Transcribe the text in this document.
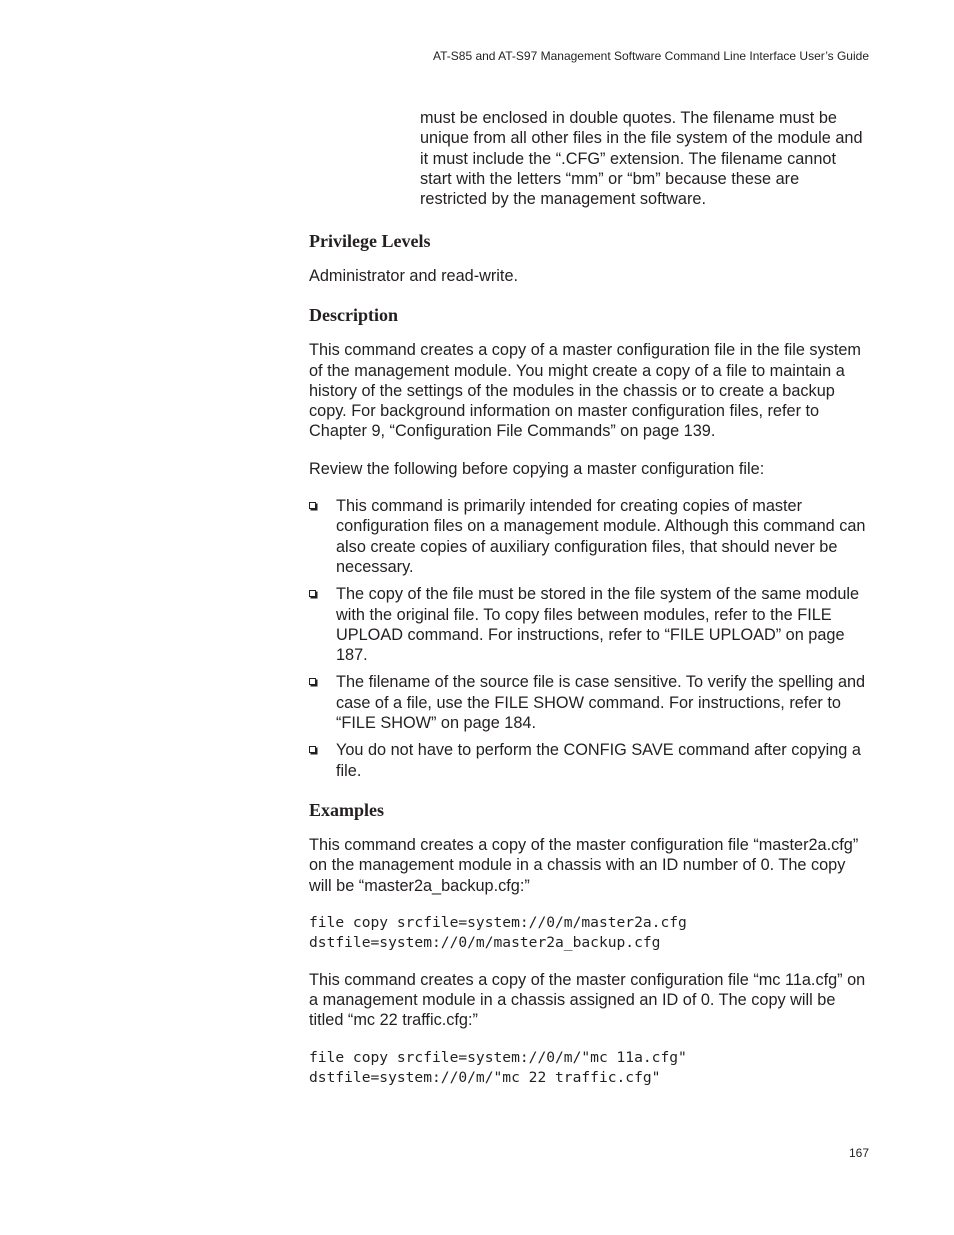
AT-S85 and AT-S97 Management Software Command Line Interface User’s Guide
must be enclosed in double quotes. The filename must be unique from all other files in the file system of the module and it must include the “.CFG” extension. The filename cannot start with the letters “mm” or “bm” because these are restricted by the management software.
Privilege Levels
Administrator and read-write.
Description
This command creates a copy of a master configuration file in the file system of the management module. You might create a copy of a file to maintain a history of the settings of the modules in the chassis or to create a backup copy. For background information on master configuration files, refer to Chapter 9, “Configuration File Commands” on page 139.
Review the following before copying a master configuration file:
This command is primarily intended for creating copies of master configuration files on a management module. Although this command can also create copies of auxiliary configuration files, that should never be necessary.
The copy of the file must be stored in the file system of the same module with the original file. To copy files between modules, refer to the FILE UPLOAD command. For instructions, refer to “FILE UPLOAD” on page 187.
The filename of the source file is case sensitive. To verify the spelling and case of a file, use the FILE SHOW command. For instructions, refer to “FILE SHOW” on page 184.
You do not have to perform the CONFIG SAVE command after copying a file.
Examples
This command creates a copy of the master configuration file “master2a.cfg” on the management module in a chassis with an ID number of 0. The copy will be “master2a_backup.cfg:”
file copy srcfile=system://0/m/master2a.cfg
dstfile=system://0/m/master2a_backup.cfg
This command creates a copy of the master configuration file “mc 11a.cfg” on a management module in a chassis assigned an ID of 0. The copy will be titled “mc 22 traffic.cfg:”
file copy srcfile=system://0/m/"mc 11a.cfg"
dstfile=system://0/m/"mc 22 traffic.cfg"
167
